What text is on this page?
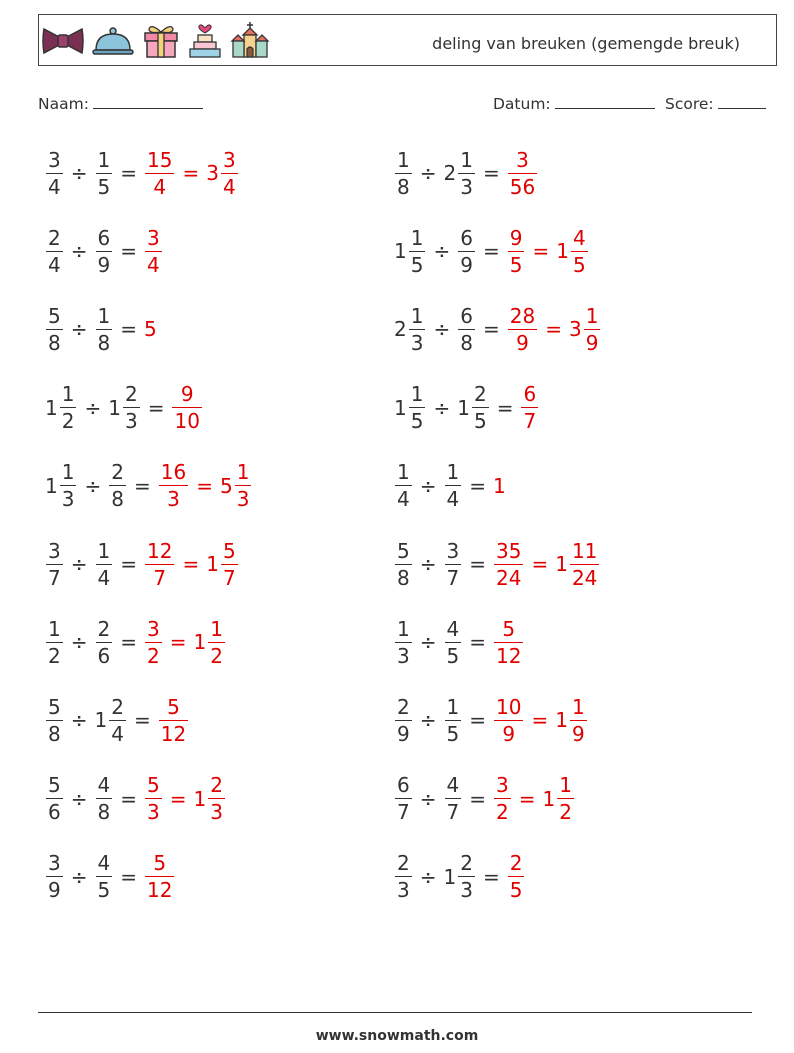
deling van breuken (gemengde breuk)
Naam:	Datum:	Score:
$\frac{3}{4} \div \frac{1}{5} = \frac{15}{4} = 3 \frac{3}{4}$	$\frac{1}{8} \div 2 \frac{1}{3} = \frac{3}{56}$
$\frac{2}{4} \div \frac{6}{9} = \frac{3}{4}$	$1 \frac{1}{5} \div \frac{6}{9} = \frac{9}{5} = 1 \frac{4}{5}$
$\frac{5}{8} \div \frac{1}{8} = 5$	$2 \frac{1}{3} \div \frac{6}{8} = \frac{28}{9} = 3 \frac{1}{9}$
$1 \frac{1}{2} \div 1 \frac{2}{3} = \frac{9}{10}$	$1 \frac{1}{5} \div 1 \frac{2}{5} = \frac{6}{7}$
$1 \frac{1}{3} \div \frac{2}{8} = \frac{16}{3} = 5 \frac{1}{3}$	$\frac{1}{4} \div \frac{1}{4} = 1$
$\frac{3}{7} \div \frac{1}{4} = \frac{12}{7} = 1 \frac{5}{7}$	$\frac{5}{8} \div \frac{3}{7} = \frac{35}{24} = 1 \frac{11}{24}$
$\frac{1}{2} \div \frac{2}{6} = \frac{3}{2} = 1 \frac{1}{2}$	$\frac{1}{3} \div \frac{4}{5} = \frac{5}{12}$
$\frac{5}{8} \div 1 \frac{2}{4} = \frac{5}{12}$	$\frac{2}{9} \div \frac{1}{5} = \frac{10}{9} = 1 \frac{1}{9}$
$\frac{5}{6} \div \frac{4}{8} = \frac{5}{3} = 1 \frac{2}{3}$	$\frac{6}{7} \div \frac{4}{7} = \frac{3}{2} = 1 \frac{1}{2}$
$\frac{3}{9} \div \frac{4}{5} = \frac{5}{12}$	$\frac{2}{3} \div 1 \frac{2}{3} = \frac{2}{5}$
www.snowmath.com
